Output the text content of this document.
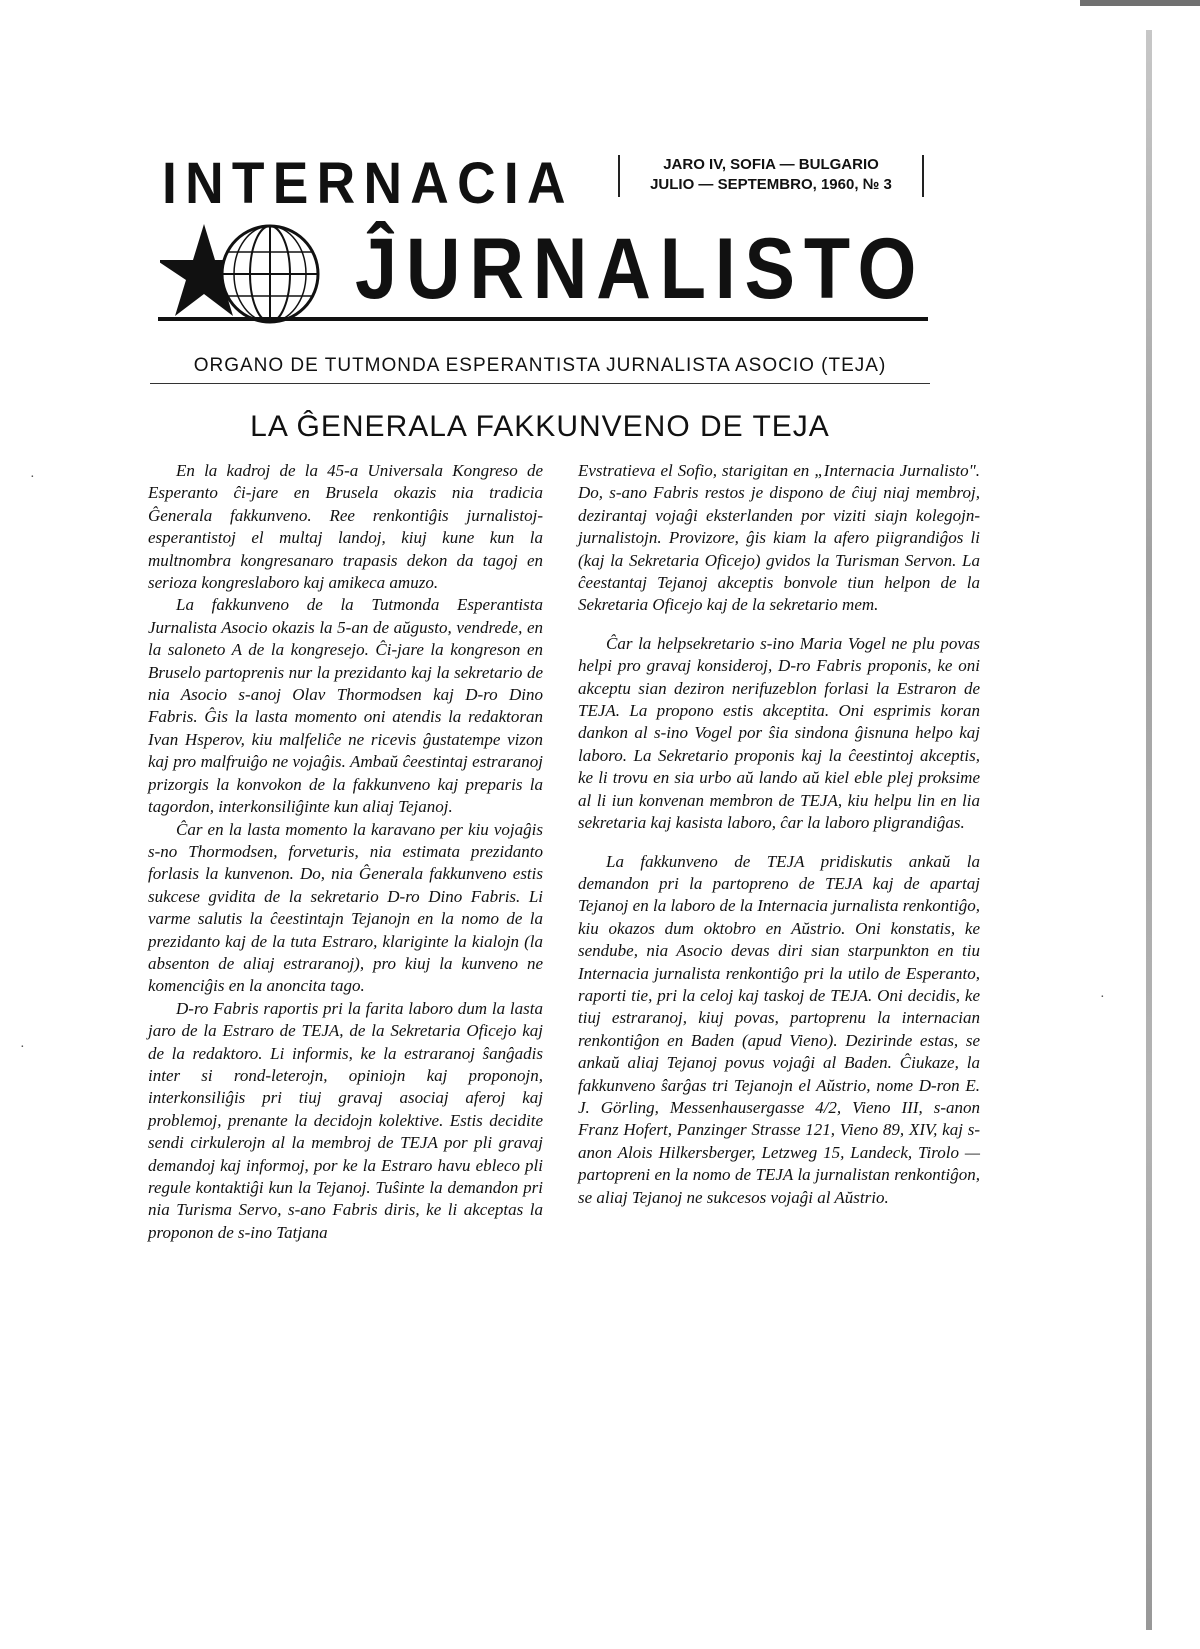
·
·
·
INTERNACIA	JARO IV, SOFIA — BULGARIO
JULIO — SEPTEMBRO, 1960, № 3
ĴURNALISTO
ORGANO DE TUTMONDA ESPERANTISTA JURNALISTA ASOCIO (TEJA)
LA ĜENERALA FAKKUNVENO DE TEJA

En la kadroj de la 45-a Universala Kongreso de Esperanto ĉi-jare en Brusela okazis nia tradicia Ĝenerala fakkunveno. Ree renkontiĝis jurnalistoj-esperantistoj el multaj landoj, kiuj kune kun la multnombra kongresanaro trapasis dekon da tagoj en serioza kongreslaboro kaj amikeca amuzo.

La fakkunveno de la Tutmonda Esperantista Jurnalista Asocio okazis la 5-an de aŭgusto, vendrede, en la saloneto A de la kongresejo. Ĉi-jare la kongreson en Bruselo partoprenis nur la prezidanto kaj la sekretario de nia Asocio s-anoj Olav Thormodsen kaj D-ro Dino Fabris. Ĝis la lasta momento oni atendis la redaktoran Ivan Hsperov, kiu malfeliĉe ne ricevis ĝustatempe vizon kaj pro malfruiĝo ne vojaĝis. Ambaŭ ĉeestintaj estraranoj prizorgis la konvokon de la fakkunveno kaj preparis la tagordon, interkonsiliĝinte kun aliaj Tejanoj.

Ĉar en la lasta momento la karavano per kiu vojaĝis s-no Thormodsen, forveturis, nia estimata prezidanto forlasis la kunvenon. Do, nia Ĝenerala fakkunveno estis sukcese gvidita de la sekretario D-ro Dino Fabris. Li varme salutis la ĉeestintajn Tejanojn en la nomo de la prezidanto kaj de la tuta Estraro, klariginte la kialojn (la absenton de aliaj estraranoj), pro kiuj la kunveno ne komenciĝis en la anoncita tago.

D-ro Fabris raportis pri la farita laboro dum la lasta jaro de la Estraro de TEJA, de la Sekretaria Oficejo kaj de la redaktoro. Li informis, ke la estraranoj ŝanĝadis inter si rond-leterojn, opiniojn kaj proponojn, interkonsiliĝis pri tiuj gravaj asociaj aferoj kaj problemoj, prenante la decidojn kolektive. Estis decidite sendi cirkulerojn al la membroj de TEJA por pli gravaj demandoj kaj informoj, por ke la Estraro havu ebleco pli regule kontaktiĝi kun la Tejanoj. Tuŝinte la demandon pri nia Turisma Servo, s-ano Fabris diris, ke li akceptas la proponon de s-ino Tatjana

Evstratieva el Sofio, starigitan en „Internacia Jurnalisto". Do, s-ano Fabris restos je dispono de ĉiuj niaj membroj, dezirantaj vojaĝi eksterlanden por viziti siajn kolegojn-jurnalistojn. Provizore, ĝis kiam la afero piigrandiĝos li (kaj la Sekretaria Oficejo) gvidos la Turisman Servon. La ĉeestantaj Tejanoj akceptis bonvole tiun helpon de la Sekretaria Oficejo kaj de la sekretario mem.

Ĉar la helpsekretario s-ino Maria Vogel ne plu povas helpi pro gravaj konsideroj, D-ro Fabris proponis, ke oni akceptu sian deziron nerifuzeblon forlasi la Estraron de TEJA. La propono estis akceptita. Oni esprimis koran dankon al s-ino Vogel por ŝia sindona ĝisnuna helpo kaj laboro. La Sekretario proponis kaj la ĉeestintoj akceptis, ke li trovu en sia urbo aŭ lando aŭ kiel eble plej proksime al li iun konvenan membron de TEJA, kiu helpu lin en lia sekretaria kaj kasista laboro, ĉar la laboro pligrandiĝas.

La fakkunveno de TEJA pridiskutis ankaŭ la demandon pri la partopreno de TEJA kaj de apartaj Tejanoj en la laboro de la Internacia jurnalista renkontiĝo, kiu okazos dum oktobro en Aŭstrio. Oni konstatis, ke sendube, nia Asocio devas diri sian starpunkton en tiu Internacia jurnalista renkontiĝo pri la utilo de Esperanto, raporti tie, pri la celoj kaj taskoj de TEJA. Oni decidis, ke tiuj estraranoj, kiuj povas, partoprenu la internacian renkontiĝon en Baden (apud Vieno). Dezirinde estas, se ankaŭ aliaj Tejanoj povus vojaĝi al Baden. Ĉiukaze, la fakkunveno ŝarĝas tri Tejanojn el Aŭstrio, nome D-ron E. J. Görling, Messenhausergasse 4/2, Vieno III, s-anon Franz Hofert, Panzinger Strasse 121, Vieno 89, XIV, kaj s-anon Alois Hilkersberger, Letzweg 15, Landeck, Tirolo — partopreni en la nomo de TEJA la jurnalistan renkontiĝon, se aliaj Tejanoj ne sukcesos vojaĝi al Aŭstrio.
